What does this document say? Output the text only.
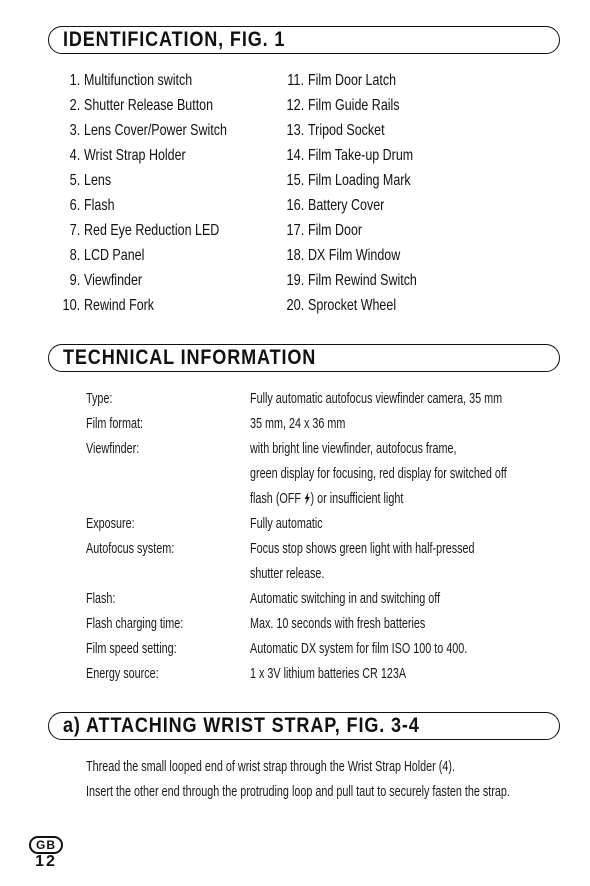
IDENTIFICATION, FIG. 1
1. Multifunction switch
2. Shutter Release Button
3. Lens Cover/Power Switch
4. Wrist Strap Holder
5. Lens
6. Flash
7. Red Eye Reduction LED
8. LCD Panel
9. Viewfinder
10. Rewind Fork
11. Film Door Latch
12. Film Guide Rails
13. Tripod Socket
14. Film Take-up Drum
15. Film Loading Mark
16. Battery Cover
17. Film Door
18. DX Film Window
19. Film Rewind Switch
20. Sprocket Wheel
TECHNICAL INFORMATION
Type:	Fully automatic autofocus viewfinder camera, 35 mm
Film format:	35 mm, 24 x 36 mm
Viewfinder:	with bright line viewfinder, autofocus frame,
green display for focusing, red display for switched off
flash (OFF ) or insufficient light
Exposure:	Fully automatic
Autofocus system:	Focus stop shows green light with half-pressed
shutter release.
Flash:	Automatic switching in and switching off
Flash charging time:	Max. 10 seconds with fresh batteries
Film speed setting:	Automatic DX system for film ISO 100 to 400.
Energy source:	1 x 3V lithium batteries CR 123A
a) ATTACHING WRIST STRAP, FIG. 3-4
Thread the small looped end of wrist strap through the Wrist Strap Holder (4).
Insert the other end through the protruding loop and pull taut to securely fasten the strap.
GB
12
